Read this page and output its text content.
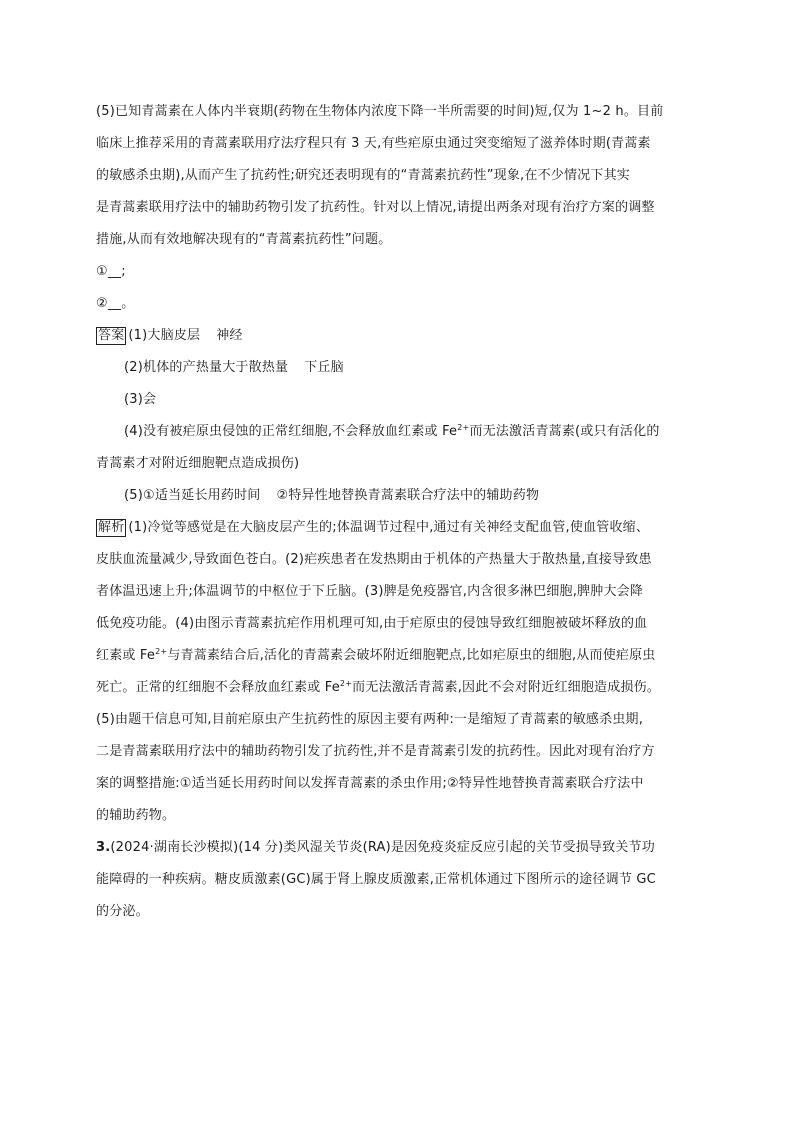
(5)已知青蒿素在人体内半衰期(药物在生物体内浓度下降一半所需要的时间)短,仅为 1~2 h。目前

临床上推荐采用的青蒿素联用疗法疗程只有 3 天,有些疟原虫通过突变缩短了滋养体时期(青蒿素

的敏感杀虫期),从而产生了抗药性;研究还表明现有的“青蒿素抗药性”现象,在不少情况下其实

是青蒿素联用疗法中的辅助药物引发了抗药性。针对以上情况,请提出两条对现有治疗方案的调整

措施,从而有效地解决现有的“青蒿素抗药性”问题。

①__;

②__。

答案 (1)大脑皮层 神经

(2)机体的产热量大于散热量 下丘脑

(3)会

(4)没有被疟原虫侵蚀的正常红细胞,不会释放血红素或 $Fe^{2+}$而无法激活青蒿素(或只有活化的

青蒿素才对附近细胞靶点造成损伤)

(5)①适当延长用药时间 ②特异性地替换青蒿素联合疗法中的辅助药物

解析 (1)冷觉等感觉是在大脑皮层产生的;体温调节过程中,通过有关神经支配血管,使血管收缩、

皮肤血流量减少,导致面色苍白。(2)疟疾患者在发热期由于机体的产热量大于散热量,直接导致患

者体温迅速上升;体温调节的中枢位于下丘脑。(3)脾是免疫器官,内含很多淋巴细胞,脾肿大会降

低免疫功能。(4)由图示青蒿素抗疟作用机理可知,由于疟原虫的侵蚀导致红细胞被破坏释放的血

红素或 $Fe^{2+}$与青蒿素结合后,活化的青蒿素会破坏附近细胞靶点,比如疟原虫的细胞,从而使疟原虫

死亡。正常的红细胞不会释放血红素或 $Fe^{2+}$而无法激活青蒿素,因此不会对附近红细胞造成损伤。

(5)由题干信息可知,目前疟原虫产生抗药性的原因主要有两种:一是缩短了青蒿素的敏感杀虫期,

二是青蒿素联用疗法中的辅助药物引发了抗药性,并不是青蒿素引发的抗药性。因此对现有治疗方

案的调整措施:①适当延长用药时间以发挥青蒿素的杀虫作用;②特异性地替换青蒿素联合疗法中

的辅助药物。

3.(2024·湖南长沙模拟)(14 分)类风湿关节炎(RA)是因免疫炎症反应引起的关节受损导致关节功

能障碍的一种疾病。糖皮质激素(GC)属于肾上腺皮质激素,正常机体通过下图所示的途径调节 GC

的分泌。
